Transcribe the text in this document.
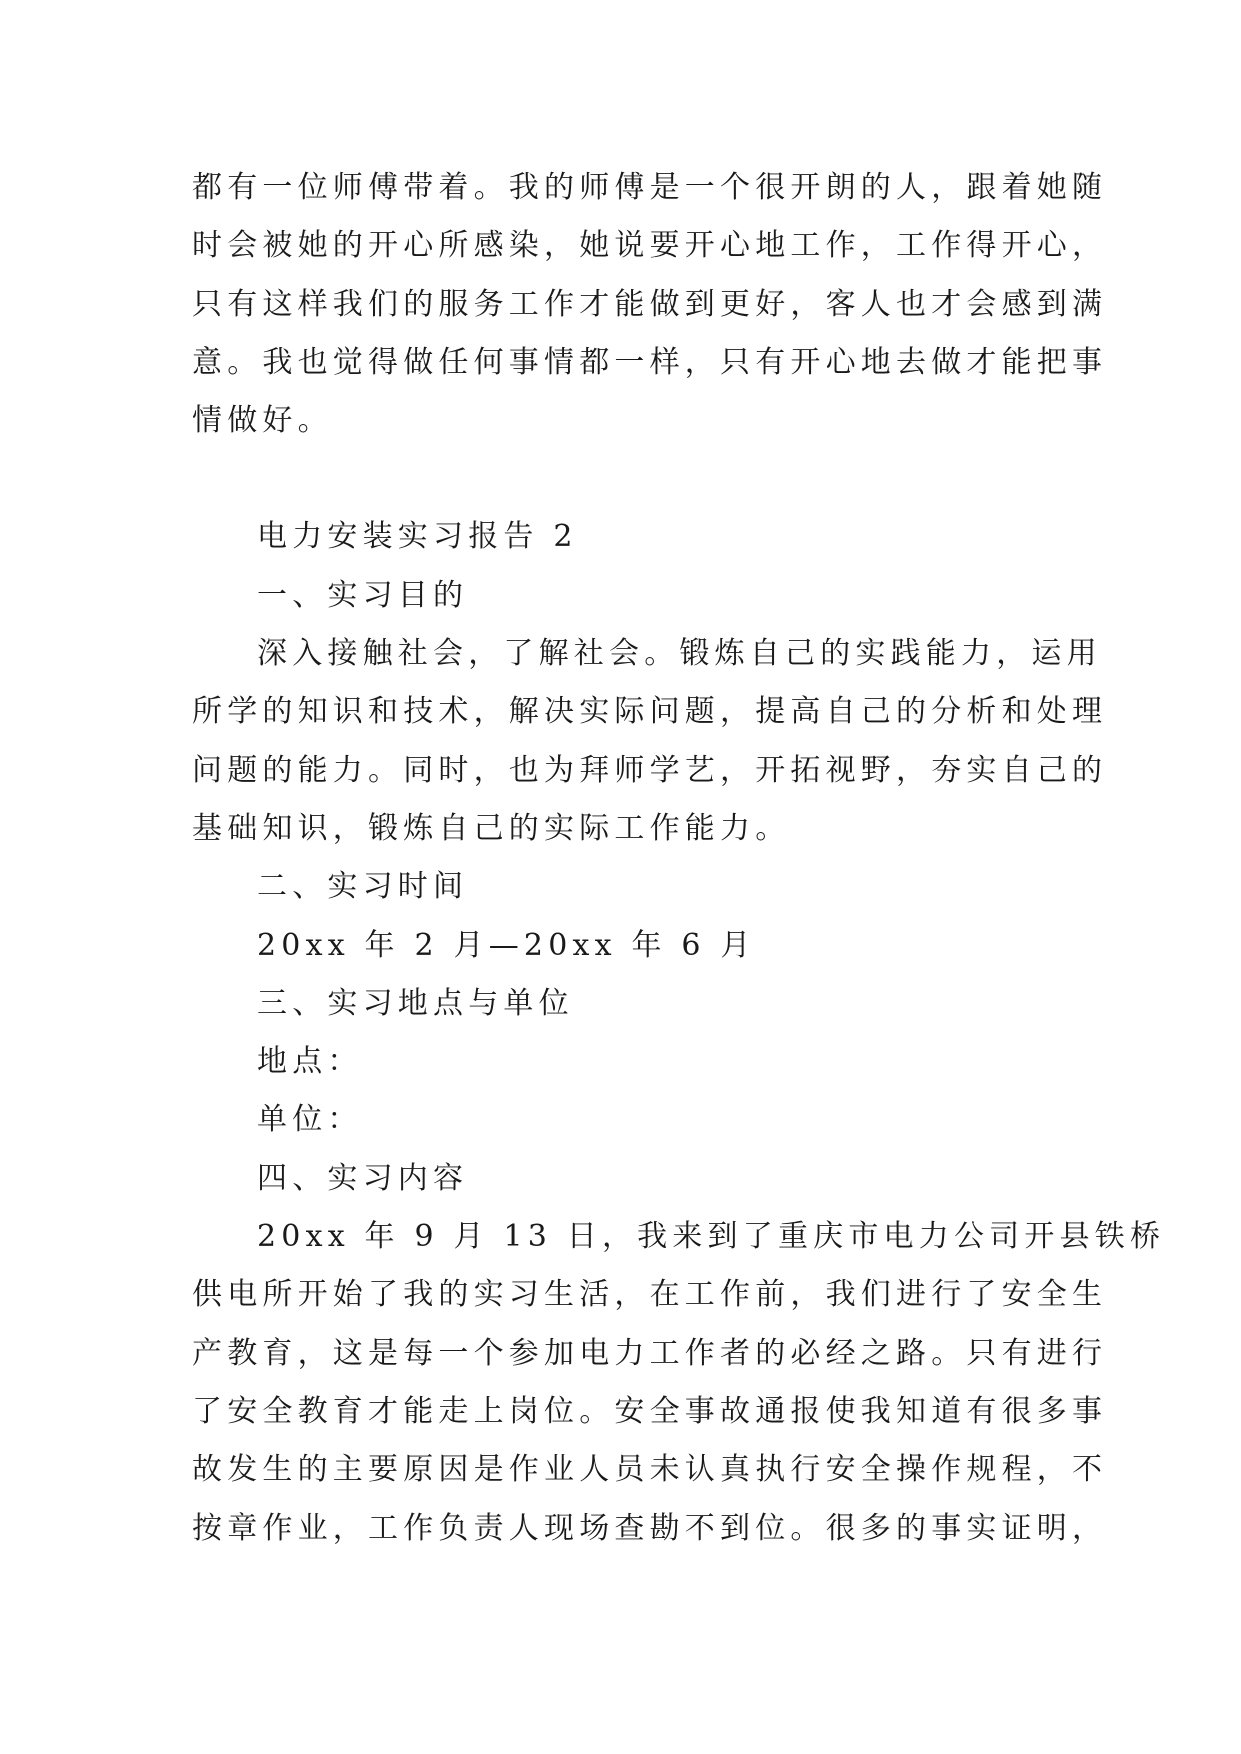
都有一位师傅带着。我的师傅是一个很开朗的人，跟着她随
时会被她的开心所感染，她说要开心地工作，工作得开心，
只有这样我们的服务工作才能做到更好，客人也才会感到满
意。我也觉得做任何事情都一样，只有开心地去做才能把事
情做好。
电力安装实习报告 2
一、实习目的
深入接触社会，了解社会。锻炼自己的实践能力，运用
所学的知识和技术，解决实际问题，提高自己的分析和处理
问题的能力。同时，也为拜师学艺，开拓视野，夯实自己的
基础知识，锻炼自己的实际工作能力。
二、实习时间
20xx 年 2 月—20xx 年 6 月
三、实习地点与单位
地点：
单位：
四、实习内容
20xx 年 9 月 13 日，我来到了重庆市电力公司开县铁桥
供电所开始了我的实习生活，在工作前，我们进行了安全生
产教育，这是每一个参加电力工作者的必经之路。只有进行
了安全教育才能走上岗位。安全事故通报使我知道有很多事
故发生的主要原因是作业人员未认真执行安全操作规程，不
按章作业，工作负责人现场查勘不到位。很多的事实证明，
